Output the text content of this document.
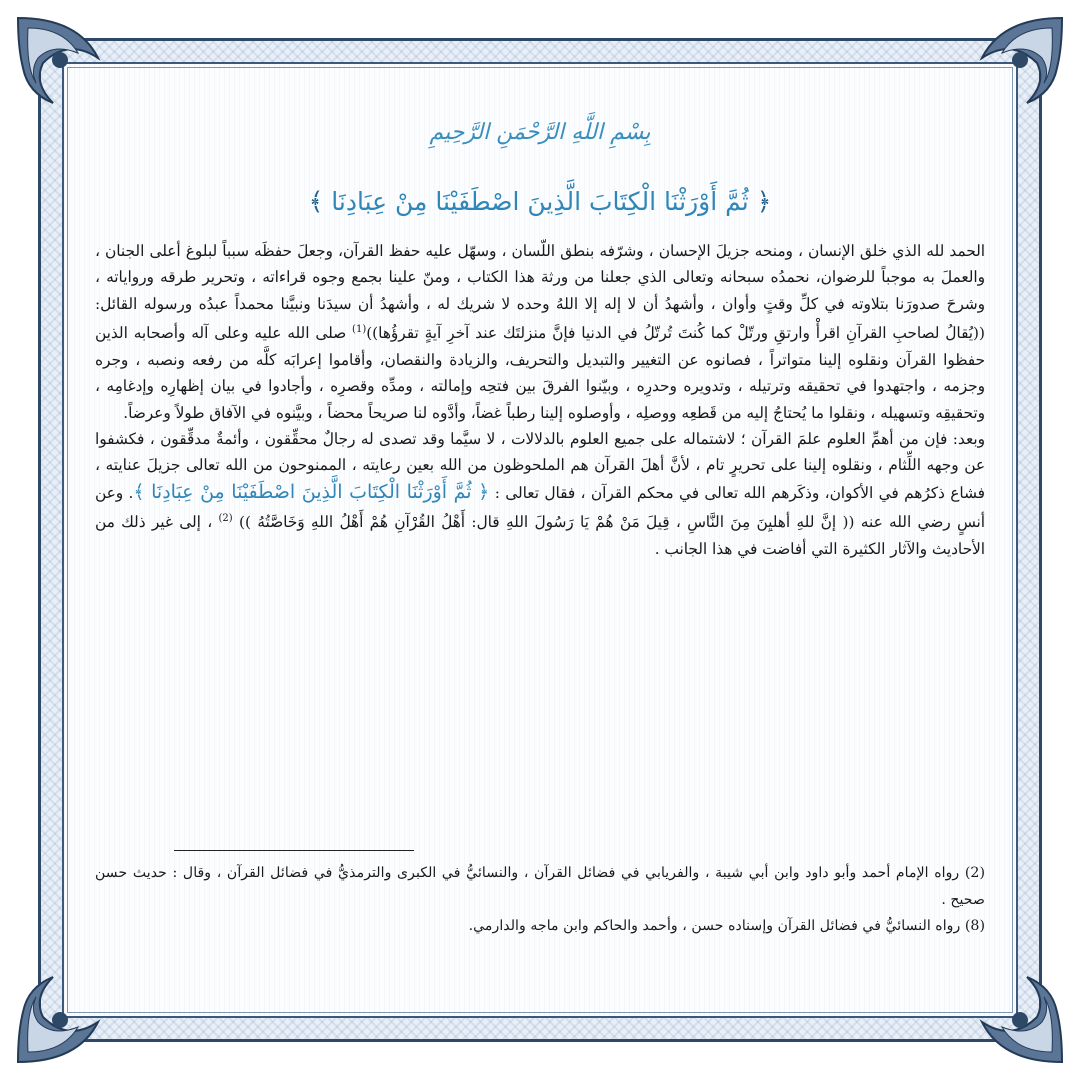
بِسْمِ اللَّهِ الرَّحْمَنِ الرَّحِيمِ
﴿ ثُمَّ أَوْرَثْنَا الْكِتَابَ الَّذِينَ اصْطَفَيْنَا مِنْ عِبَادِنَا ﴾

الحمد لله الذي خلق الإنسان ، ومنحه جزيلَ الإحسان ، وشرّفه بنطق اللّسان ، وسهّل عليه حفظ القرآن، وجعلَ حفظَه سبباً لبلوغ أعلى الجنان ، والعملَ به موجباً للرضوان، نحمدُه سبحانه وتعالى الذي جعلنا من ورثة هذا الكتاب ، ومنّ علينا بجمع وجوه قراءاته ، وتحرير طرقه ورواياته ، وشرحَ صدورَنا بتلاوته في كلِّ وقتٍ وأوان ، وأشهدُ أن لا إله إلا اللهُ وحده لا شريك له ، وأشهدُ أن سيدَنا ونبيَّنا محمداً عبدُه ورسوله القائل: ((يُقالُ لصاحبِ القرآنِ اقرأْ وارتقِ ورتّلْ كما كُنتَ تُرتّلُ في الدنيا فإنَّ منزلتَك عند آخرِ آيةٍ تقرؤُها))$^{(1)}$ صلى الله عليه وعلى آله وأصحابه الذين حفظوا القرآن ونقلوه إلينا متواتراً ، فصانوه عن التغيير والتبديل والتحريف، والزيادة والنقصان، وأقاموا إعرابَه كلَّه من رفعه ونصبه ، وجره وجزمه ، واجتهدوا في تحقيقه وترتيله ، وتدويره وحدرِه ، وبيّنوا الفرقَ بين فتحِه وإمالته ، ومدِّه وقصرِه ، وأجادوا في بيان إظهارِه وإدغامِه ، وتحقيقِه وتسهيله ، ونقلوا ما يُحتاجُ إليه من قَطعِه ووصلِه ، وأوصلوه إلينا رطباً غضاً، وأدَّوه لنا صريحاً محضاً ، وبيَّنوه في الآفاق طولاً وعرضاً.

وبعد: فإن من أهمِّ العلوم علمَ القرآن ؛ لاشتماله على جميع العلوم بالدلالات ، لا سيَّما وقد تصدى له رجالٌ محقِّقون ، وأئمةٌ مدقِّقون ، فكشفوا عن وجهه اللِّثام ، ونقلوه إلينا على تحريرٍ تام ، لأنَّ أهلَ القرآن هم الملحوظون من الله بعين رعايته ، الممنوحون من الله تعالى جزيلَ عنايته ، فشاع ذكرُهم في الأكوان، وذكَرهم الله تعالى في محكم القرآن ، فقال تعالى : ﴿ ثُمَّ أَوْرَثْنَا الْكِتَابَ الَّذِينَ اصْطَفَيْنَا مِنْ عِبَادِنَا ﴾. وعن أنسٍ رضي الله عنه (( إنَّ للهِ أهليِنَ مِنَ النَّاسِ ، قِيلَ مَنْ هُمْ يَا رَسُولَ اللهِ قال: أَهْلُ القُرْآنِ هُمْ أَهْلُ اللهِ وَخَاصَّتُهُ )) $^{(2)}$ ، إلى غير ذلك من الأحاديث والآثار الكثيرة التي أفاضت في هذا الجانب .

(2) رواه الإمام أحمد وأبو داود وابن أبي شيبة ، والفريابي في فضائل القرآن ، والنسائيُّ في الكبرى والترمذيُّ في فضائل القرآن ، وقال : حديث حسن صحيح .

(8) رواه النسائيُّ في فضائل القرآن وإسناده حسن ، وأحمد والحاكم وابن ماجه والدارمي.
